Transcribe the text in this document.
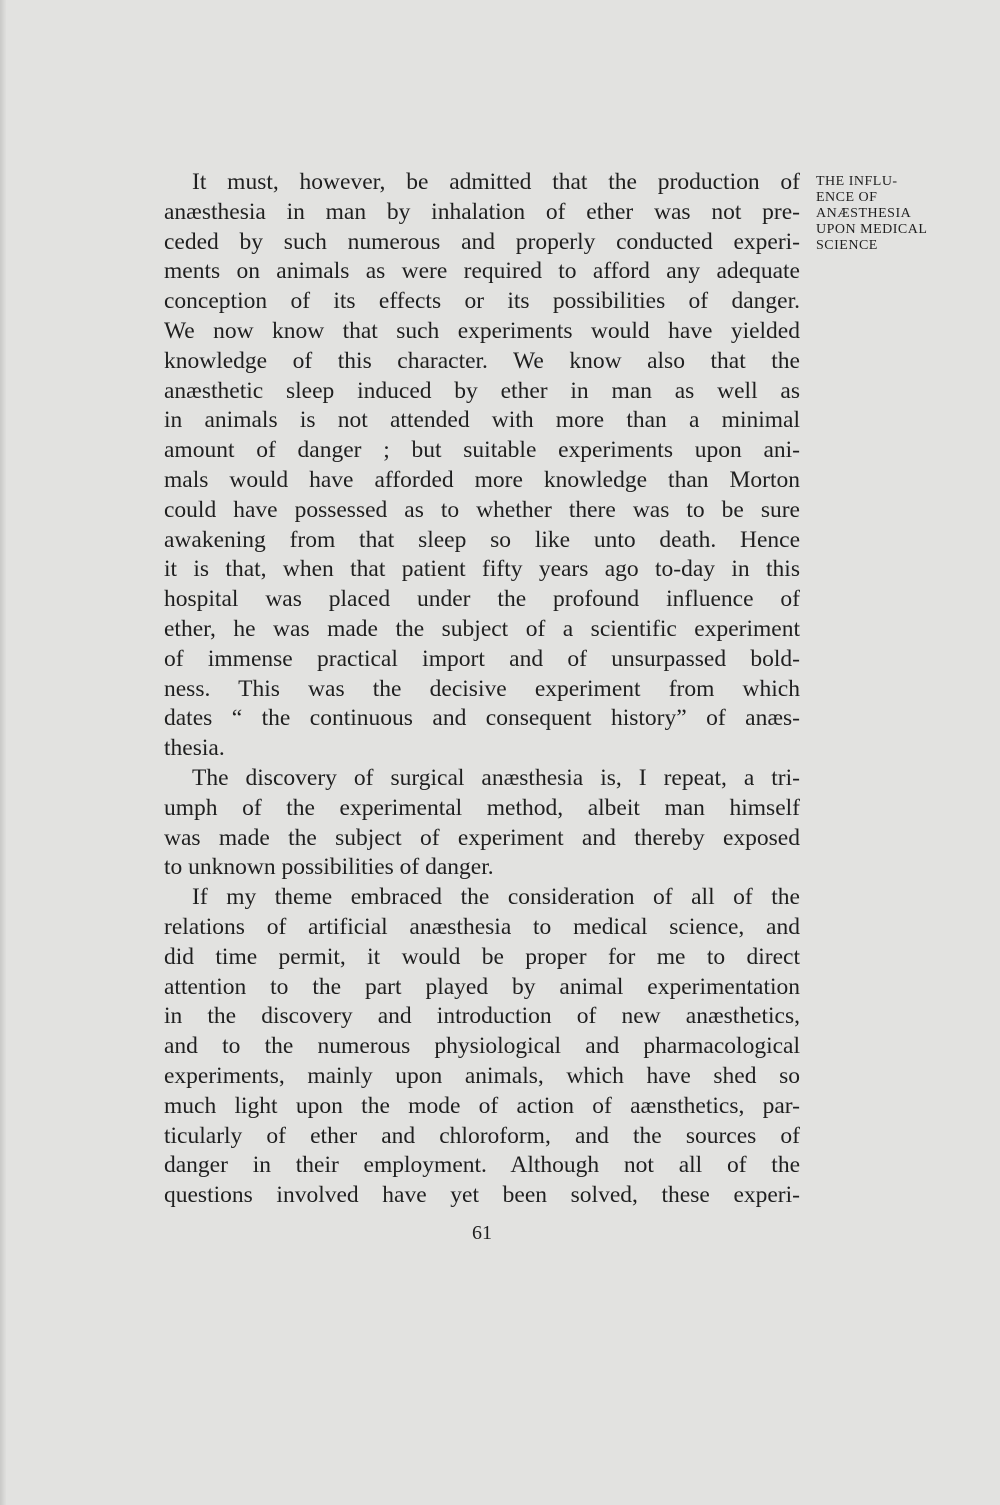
It must, however, be admitted that the production of
anæsthesia in man by inhalation of ether was not pre-
ceded by such numerous and properly conducted experi-
ments on animals as were required to afford any adequate
conception of its effects or its possibilities of danger.
We now know that such experiments would have yielded
knowledge of this character. We know also that the
anæsthetic sleep induced by ether in man as well as
in animals is not attended with more than a minimal
amount of danger ; but suitable experiments upon ani-
mals would have afforded more knowledge than Morton
could have possessed as to whether there was to be sure
awakening from that sleep so like unto death. Hence
it is that, when that patient fifty years ago to-day in this
hospital was placed under the profound influence of
ether, he was made the subject of a scientific experiment
of immense practical import and of unsurpassed bold-
ness. This was the decisive experiment from which
dates “ the continuous and consequent history” of anæs-
thesia.
The discovery of surgical anæsthesia is, I repeat, a tri-
umph of the experimental method, albeit man himself
was made the subject of experiment and thereby exposed
to unknown possibilities of danger.
If my theme embraced the consideration of all of the
relations of artificial anæsthesia to medical science, and
did time permit, it would be proper for me to direct
attention to the part played by animal experimentation
in the discovery and introduction of new anæsthetics,
and to the numerous physiological and pharmacological
experiments, mainly upon animals, which have shed so
much light upon the mode of action of aænsthetics, par-
ticularly of ether and chloroform, and the sources of
danger in their employment. Although not all of the
questions involved have yet been solved, these experi-
THE INFLU-
ENCE OF
ANÆSTHESIA
UPON MEDICAL
SCIENCE
61
